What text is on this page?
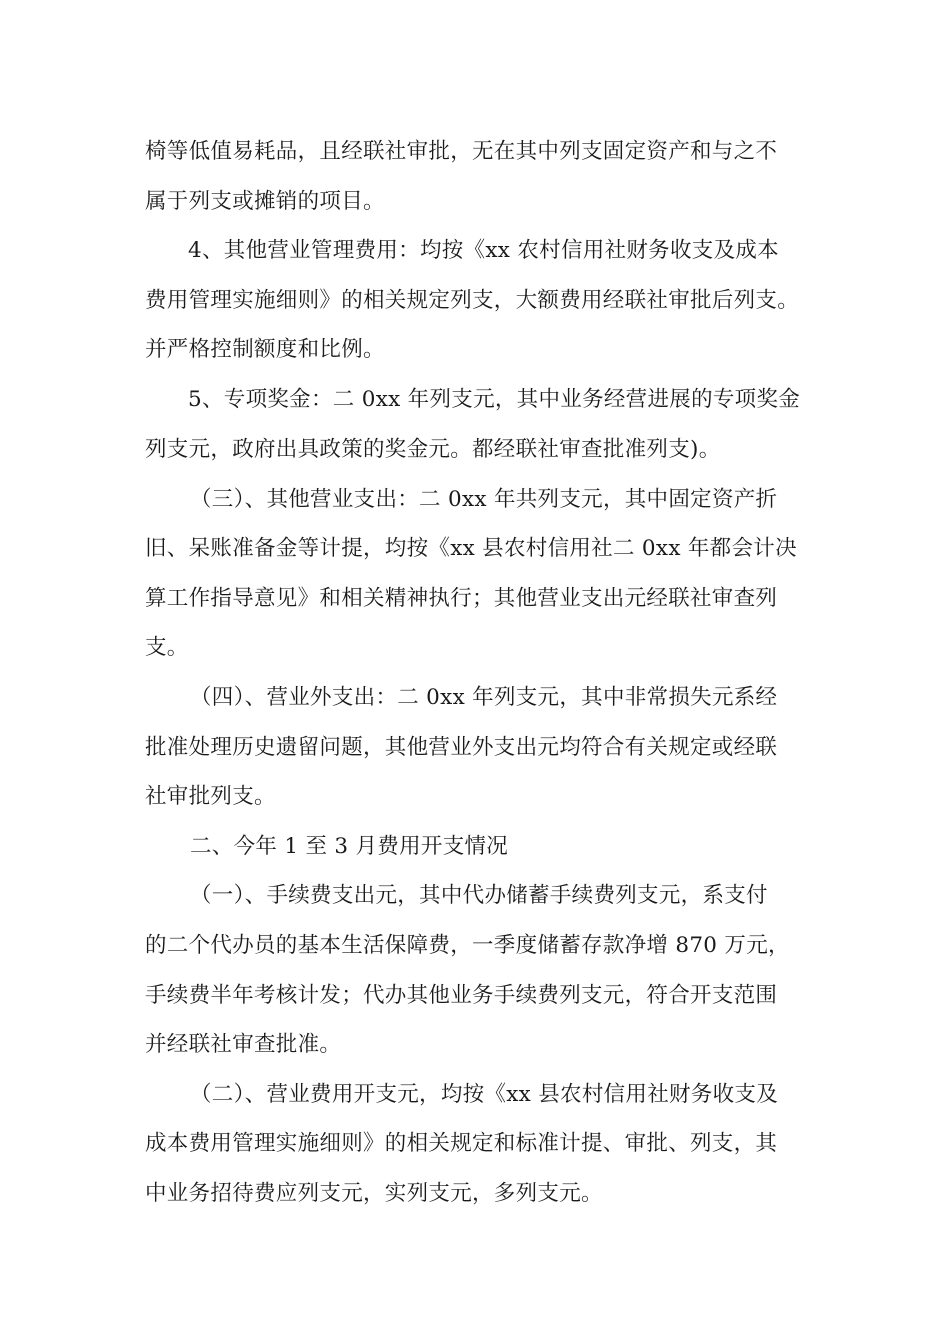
椅等低值易耗品，且经联社审批，无在其中列支固定资产和与之不

属于列支或摊销的项目。

4、其他营业管理费用：均按《xx 农村信用社财务收支及成本

费用管理实施细则》的相关规定列支，大额费用经联社审批后列支。

并严格控制额度和比例。

5、专项奖金：二 0xx 年列支元，其中业务经营进展的专项奖金

列支元，政府出具政策的奖金元。都经联社审查批准列支)。

（三）、其他营业支出：二 0xx 年共列支元，其中固定资产折

旧、呆账准备金等计提，均按《xx 县农村信用社二 0xx 年都会计决

算工作指导意见》和相关精神执行；其他营业支出元经联社审查列

支。

（四）、营业外支出：二 0xx 年列支元，其中非常损失元系经

批准处理历史遗留问题，其他营业外支出元均符合有关规定或经联

社审批列支。

二、今年 1 至 3 月费用开支情况

（一）、手续费支出元，其中代办储蓄手续费列支元，系支付

的二个代办员的基本生活保障费，一季度储蓄存款净增 870 万元，

手续费半年考核计发；代办其他业务手续费列支元，符合开支范围

并经联社审查批准。

（二）、营业费用开支元，均按《xx 县农村信用社财务收支及

成本费用管理实施细则》的相关规定和标准计提、审批、列支，其

中业务招待费应列支元，实列支元，多列支元。
